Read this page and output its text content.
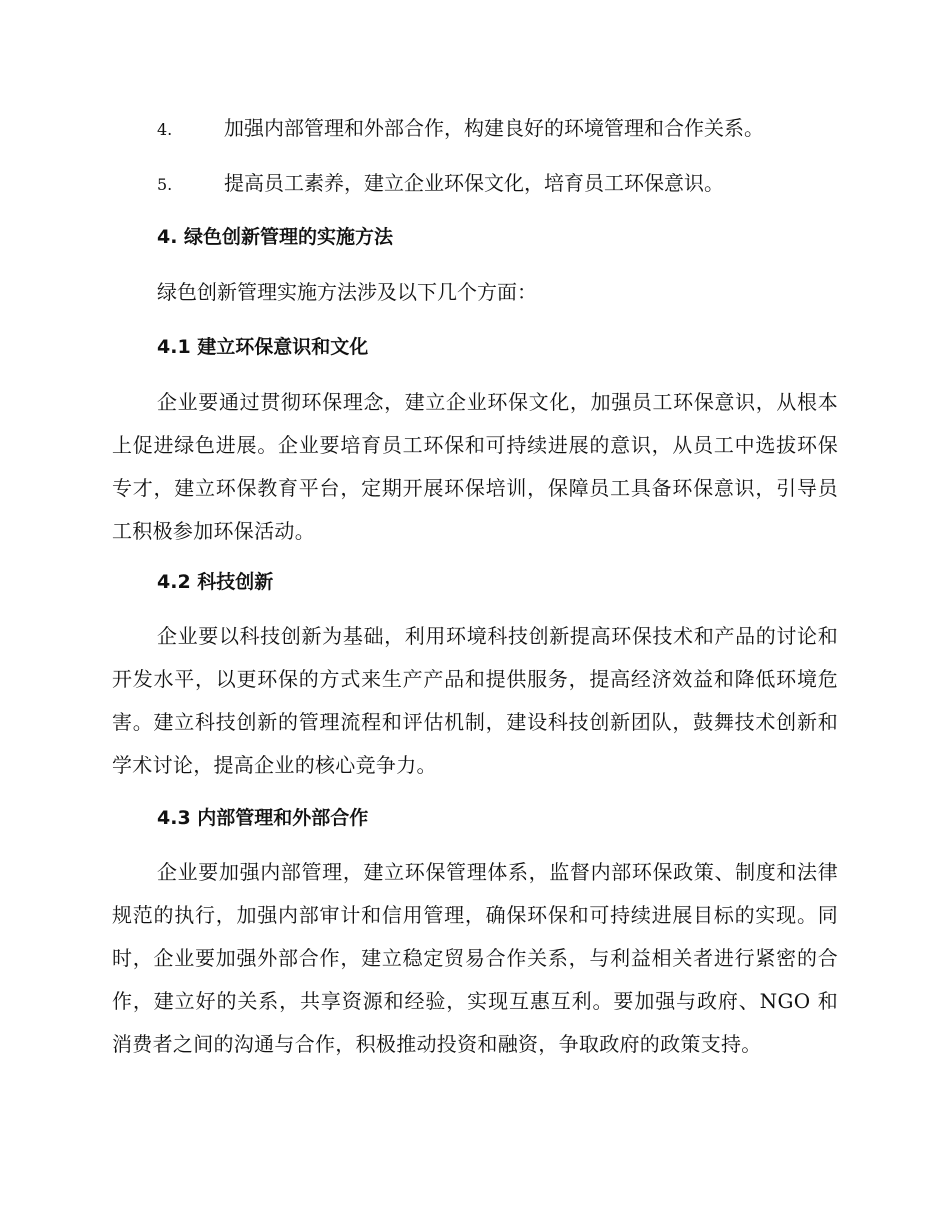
4.	加强内部管理和外部合作，构建良好的环境管理和合作关系。
5.	提高员工素养，建立企业环保文化，培育员工环保意识。
4. 绿色创新管理的实施方法
绿色创新管理实施方法涉及以下几个方面：
4.1 建立环保意识和文化
企业要通过贯彻环保理念，建立企业环保文化，加强员工环保意识，从根本上促进绿色进展。企业要培育员工环保和可持续进展的意识，从员工中选拔环保专才，建立环保教育平台，定期开展环保培训，保障员工具备环保意识，引导员工积极参加环保活动。
4.2 科技创新
企业要以科技创新为基础，利用环境科技创新提高环保技术和产品的讨论和开发水平，以更环保的方式来生产产品和提供服务，提高经济效益和降低环境危害。建立科技创新的管理流程和评估机制，建设科技创新团队，鼓舞技术创新和学术讨论，提高企业的核心竞争力。
4.3 内部管理和外部合作
企业要加强内部管理，建立环保管理体系，监督内部环保政策、制度和法律规范的执行，加强内部审计和信用管理，确保环保和可持续进展目标的实现。同时，企业要加强外部合作，建立稳定贸易合作关系，与利益相关者进行紧密的合作，建立好的关系，共享资源和经验，实现互惠互利。要加强与政府、NGO 和消费者之间的沟通与合作，积极推动投资和融资，争取政府的政策支持。
